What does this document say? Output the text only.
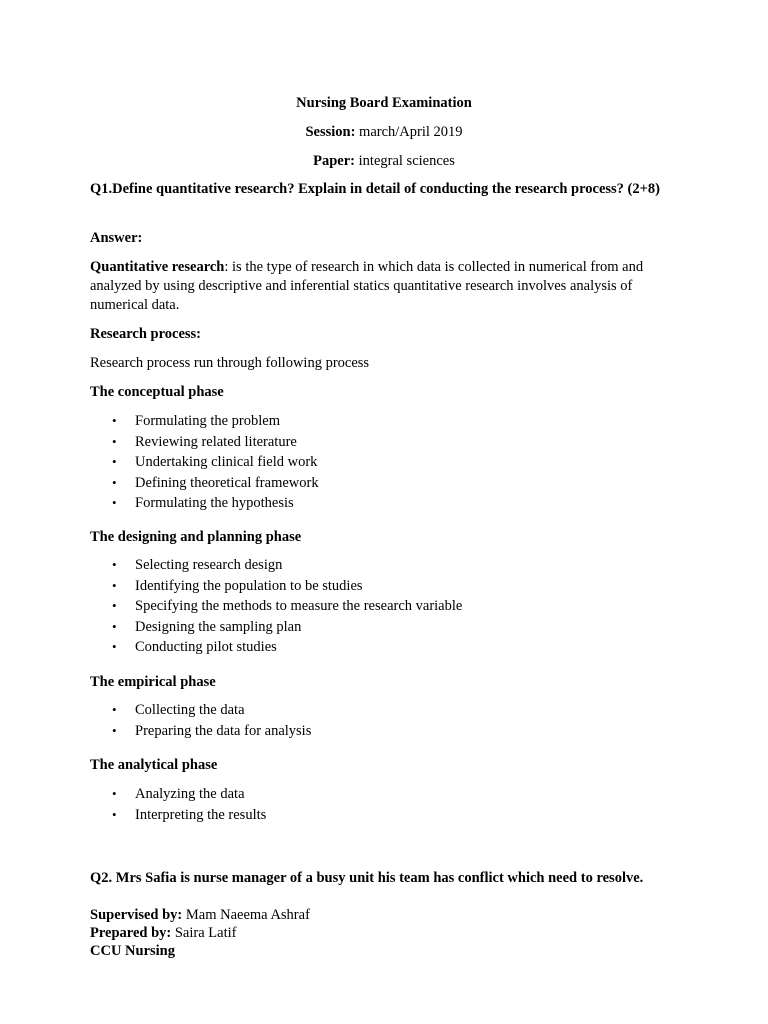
Nursing Board Examination
Session: march/April 2019
Paper: integral sciences
Q1.Define quantitative research? Explain in detail of conducting the research process? (2+8)
Answer:
Quantitative research: is the type of research in which data is collected in numerical from and analyzed by using descriptive and inferential statics quantitative research involves analysis of numerical data.
Research process:
Research process run through following process
The conceptual phase
• Formulating the problem
• Reviewing related literature
• Undertaking clinical field work
• Defining theoretical framework
• Formulating the hypothesis
The designing and planning phase
• Selecting research design
• Identifying the population to be studies
• Specifying the methods to measure the research variable
• Designing the sampling plan
• Conducting pilot studies
The empirical phase
• Collecting the data
• Preparing the data for analysis
The analytical phase
• Analyzing the data
• Interpreting the results
Q2. Mrs Safia is nurse manager of a busy unit his team has conflict which need to resolve.
Supervised by: Mam Naeema Ashraf
Prepared by: Saira Latif
CCU Nursing
